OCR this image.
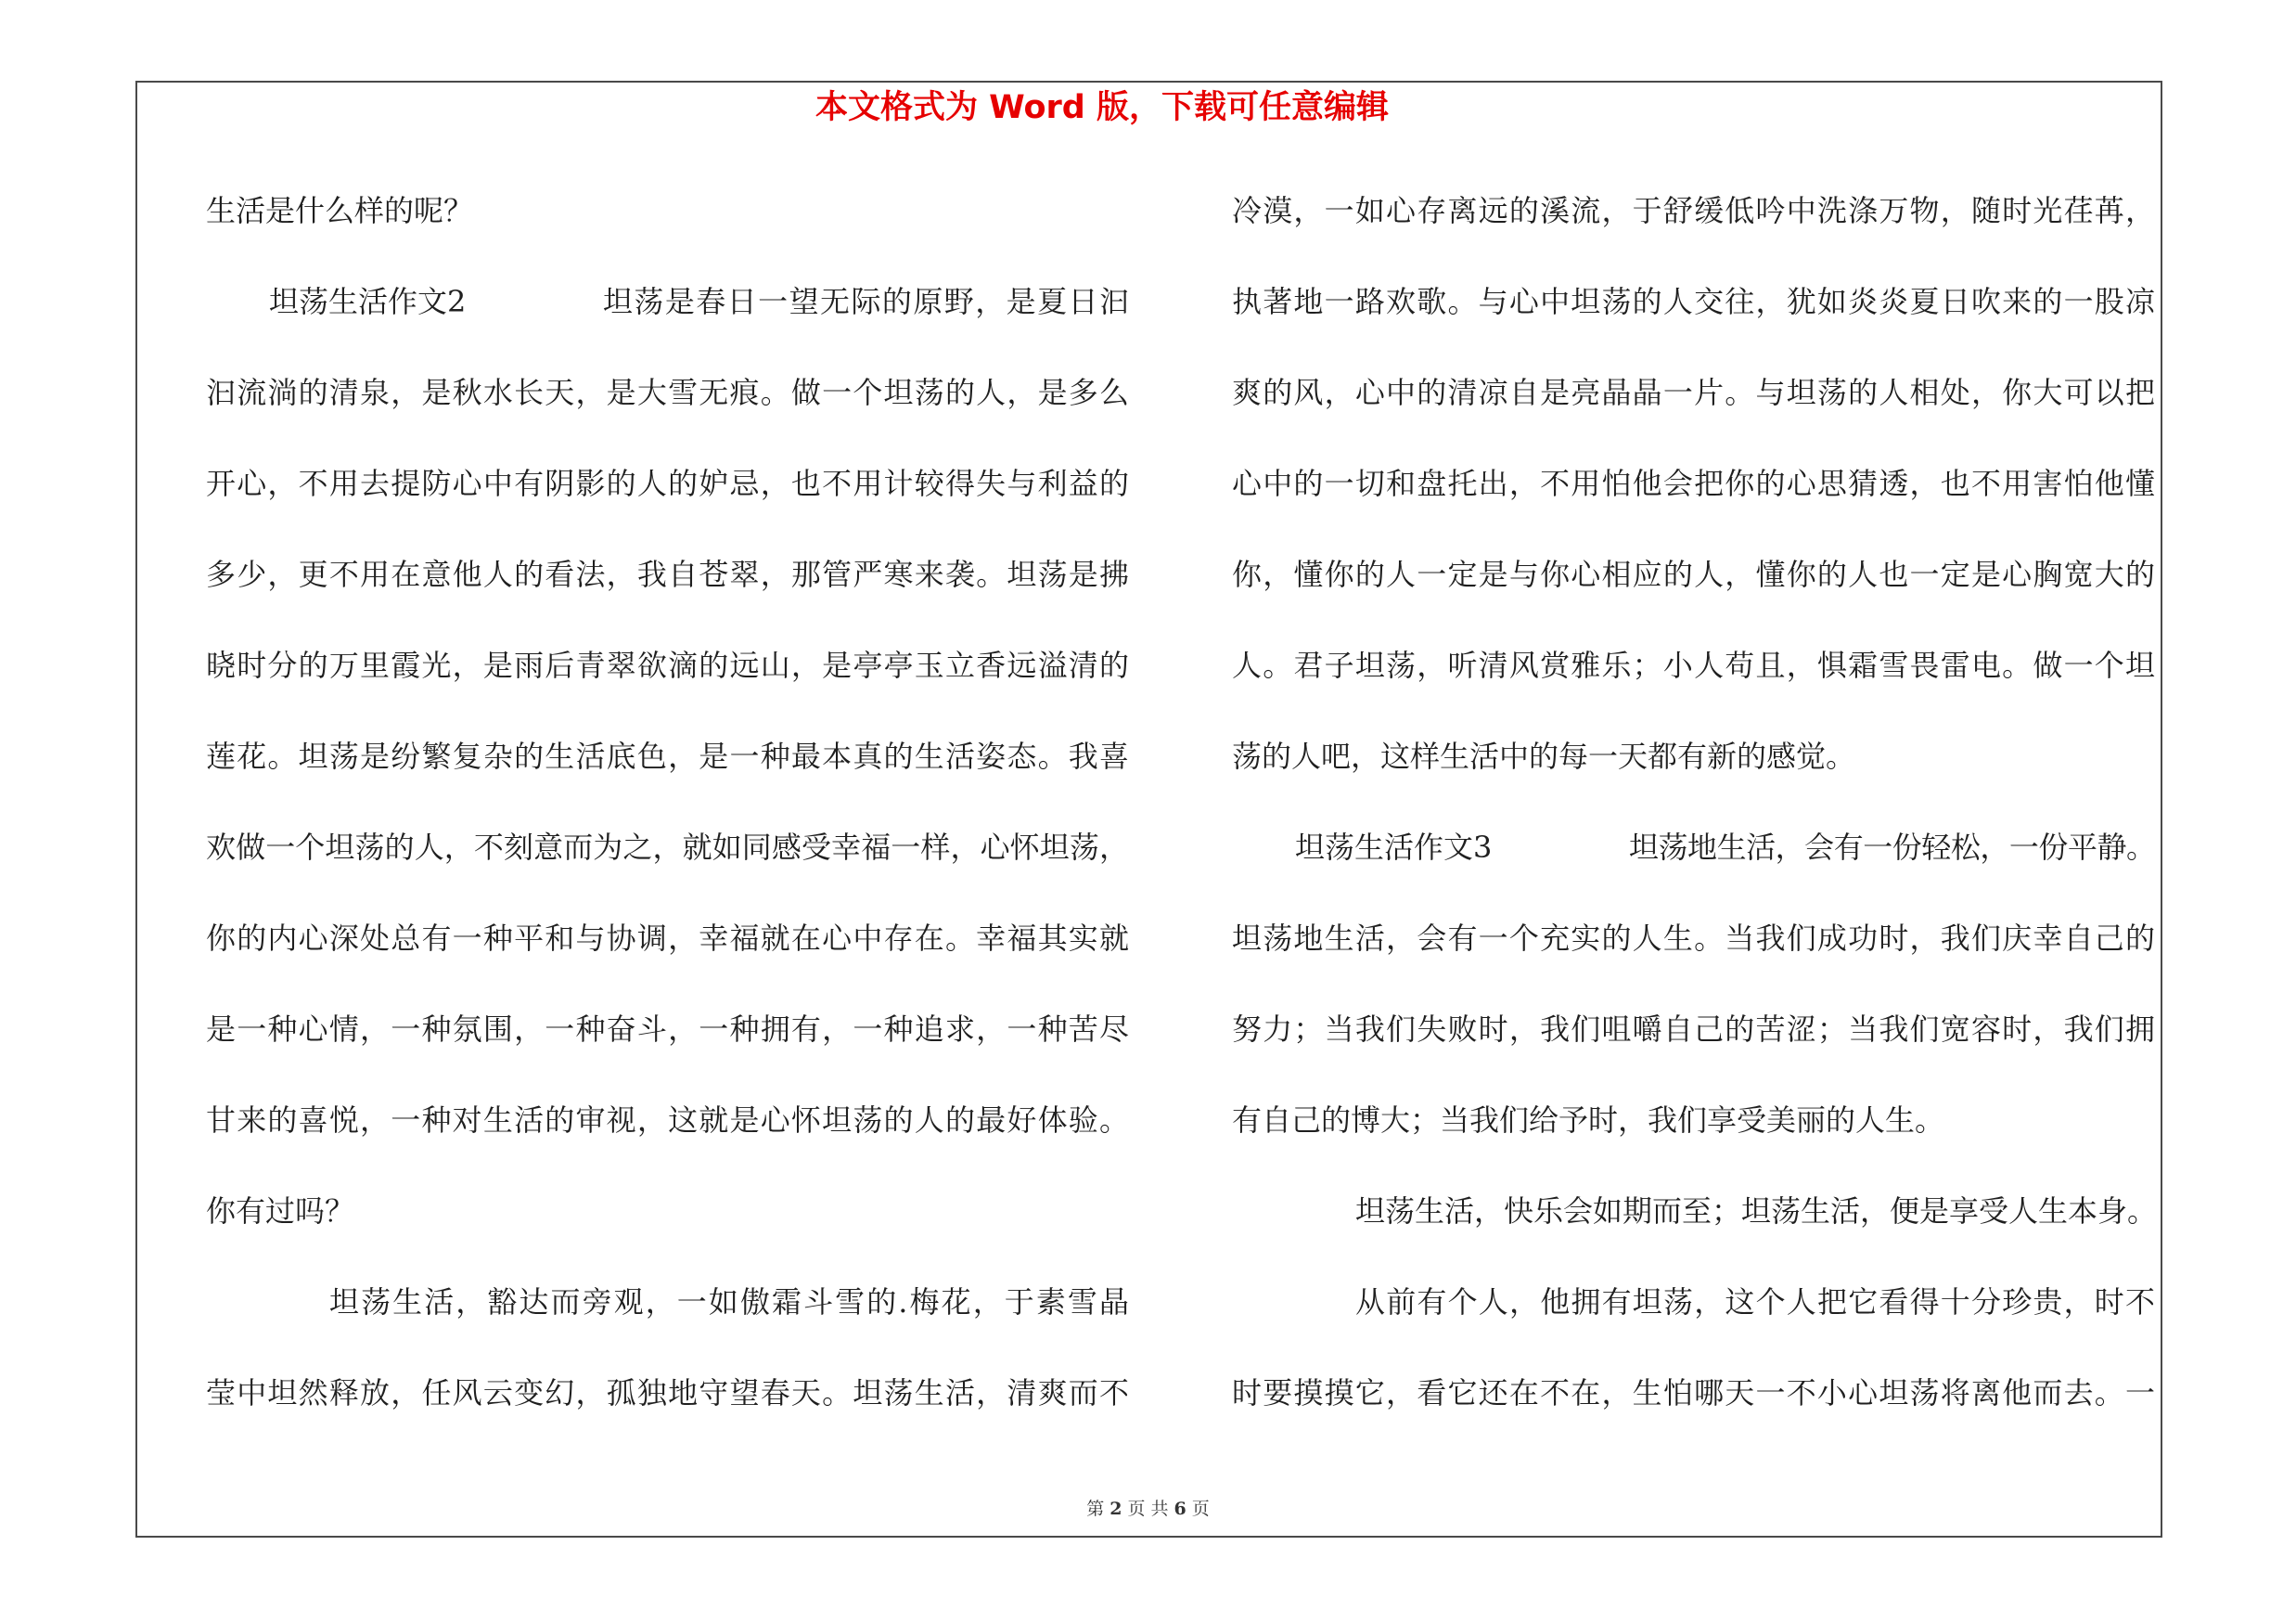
本文格式为 Word 版，下载可任意编辑
生活是什么样的呢？
坦荡生活作文2	坦荡是春日一望无际的原野，是夏日汩
汩流淌的清泉，是秋水长天，是大雪无痕。做一个坦荡的人，是多么
开心，不用去提防心中有阴影的人的妒忌，也不用计较得失与利益的
多少，更不用在意他人的看法，我自苍翠，那管严寒来袭。坦荡是拂
晓时分的万里霞光，是雨后青翠欲滴的远山，是亭亭玉立香远溢清的
莲花。坦荡是纷繁复杂的生活底色，是一种最本真的生活姿态。我喜
欢做一个坦荡的人，不刻意而为之，就如同感受幸福一样，心怀坦荡，
你的内心深处总有一种平和与协调，幸福就在心中存在。幸福其实就
是一种心情，一种氛围，一种奋斗，一种拥有，一种追求，一种苦尽
甘来的喜悦，一种对生活的审视，这就是心怀坦荡的人的最好体验。
你有过吗？
坦荡生活，豁达而旁观，一如傲霜斗雪的.梅花，于素雪晶
莹中坦然释放，任风云变幻，孤独地守望春天。坦荡生活，清爽而不
冷漠，一如心存离远的溪流，于舒缓低吟中洗涤万物，随时光荏苒，
执著地一路欢歌。与心中坦荡的人交往，犹如炎炎夏日吹来的一股凉
爽的风，心中的清凉自是亮晶晶一片。与坦荡的人相处，你大可以把
心中的一切和盘托出，不用怕他会把你的心思猜透，也不用害怕他懂
你，懂你的人一定是与你心相应的人，懂你的人也一定是心胸宽大的
人。君子坦荡，听清风赏雅乐；小人苟且，惧霜雪畏雷电。做一个坦
荡的人吧，这样生活中的每一天都有新的感觉。
坦荡生活作文3	坦荡地生活，会有一份轻松，一份平静。
坦荡地生活，会有一个充实的人生。当我们成功时，我们庆幸自己的
努力；当我们失败时，我们咀嚼自己的苦涩；当我们宽容时，我们拥
有自己的博大；当我们给予时，我们享受美丽的人生。
坦荡生活，快乐会如期而至；坦荡生活，便是享受人生本身。
从前有个人，他拥有坦荡，这个人把它看得十分珍贵，时不
时要摸摸它，看它还在不在，生怕哪天一不小心坦荡将离他而去。一
第 2 页 共 6 页
